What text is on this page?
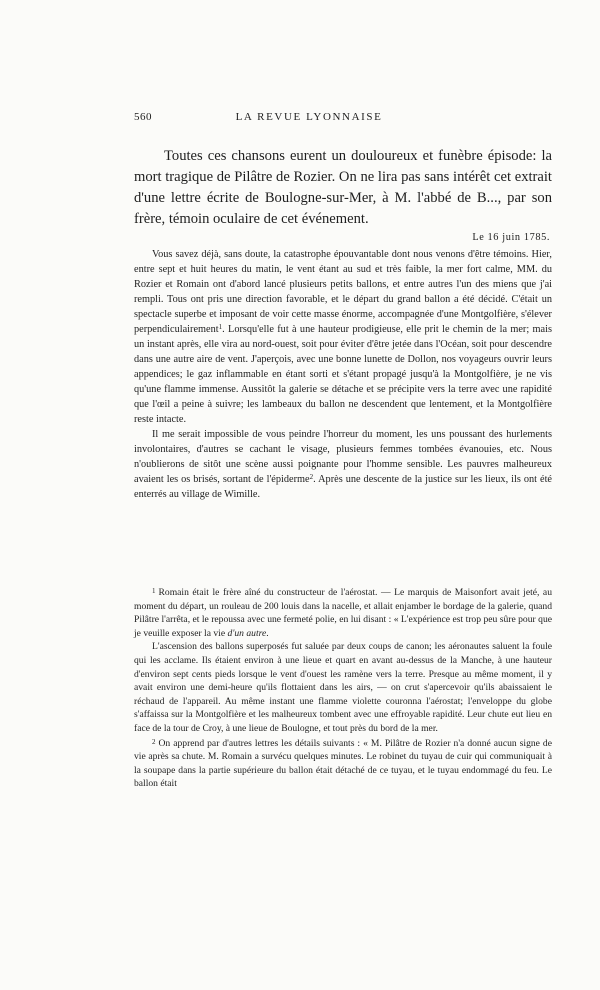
560	LA REVUE LYONNAISE

Toutes ces chansons eurent un douloureux et funèbre épisode: la mort tragique de Pilâtre de Rozier. On ne lira pas sans intérêt cet extrait d'une lettre écrite de Boulogne-sur-Mer, à M. l'abbé de B..., par son frère, témoin oculaire de cet événement.

Le 16 juin 1785.

Vous savez déjà, sans doute, la catastrophe épouvantable dont nous venons d'être témoins. Hier, entre sept et huit heures du matin, le vent étant au sud et très faible, la mer fort calme, MM. du Rozier et Romain ont d'abord lancé plusieurs petits ballons, et entre autres l'un des miens que j'ai rempli. Tous ont pris une direction favorable, et le départ du grand ballon a été décidé. C'était un spectacle superbe et imposant de voir cette masse énorme, accompagnée d'une Montgolfière, s'élever perpendiculairement$^1$. Lorsqu'elle fut à une hauteur prodigieuse, elle prit le chemin de la mer; mais un instant après, elle vira au nord-ouest, soit pour éviter d'être jetée dans l'Océan, soit pour descendre dans une autre aire de vent. J'aperçois, avec une bonne lunette de Dollon, nos voyageurs ouvrir leurs appendices; le gaz inflammable en étant sorti et s'étant propagé jusqu'à la Montgolfière, je ne vis qu'une flamme immense. Aussitôt la galerie se détache et se précipite vers la terre avec une rapidité que l'œil a peine à suivre; les lambeaux du ballon ne descendent que lentement, et la Montgolfière reste intacte.

Il me serait impossible de vous peindre l'horreur du moment, les uns poussant des hurlements involontaires, d'autres se cachant le visage, plusieurs femmes tombées évanouies, etc. Nous n'oublierons de sitôt une scène aussi poignante pour l'homme sensible. Les pauvres malheureux avaient les os brisés, sortant de l'épiderme$^2$. Après une descente de la justice sur les lieux, ils ont été enterrés au village de Wimille.

$^1$ Romain était le frère aîné du constructeur de l'aérostat. — Le marquis de Maisonfort avait jeté, au moment du départ, un rouleau de 200 louis dans la nacelle, et allait enjamber le bordage de la galerie, quand Pilâtre l'arrêta, et le repoussa avec une fermeté polie, en lui disant : « L'expérience est trop peu sûre pour que je veuille exposer la vie d'un autre.

L'ascension des ballons superposés fut saluée par deux coups de canon; les aéronautes saluent la foule qui les acclame. Ils étaient environ à une lieue et quart en avant au-dessus de la Manche, à une hauteur d'environ sept cents pieds lorsque le vent d'ouest les ramène vers la terre. Presque au même moment, il y avait environ une demi-heure qu'ils flottaient dans les airs, — on crut s'apercevoir qu'ils abaissaient le réchaud de l'appareil. Au même instant une flamme violette couronna l'aérostat; l'enveloppe du globe s'affaissa sur la Montgolfière et les malheureux tombent avec une effroyable rapidité. Leur chute eut lieu en face de la tour de Croy, à une lieue de Boulogne, et tout près du bord de la mer.

$^2$ On apprend par d'autres lettres les détails suivants : « M. Pilâtre de Rozier n'a donné aucun signe de vie après sa chute. M. Romain a survécu quelques minutes. Le robinet du tuyau de cuir qui communiquait à la soupape dans la partie supérieure du ballon était détaché de ce tuyau, et le tuyau endommagé du feu. Le ballon était
